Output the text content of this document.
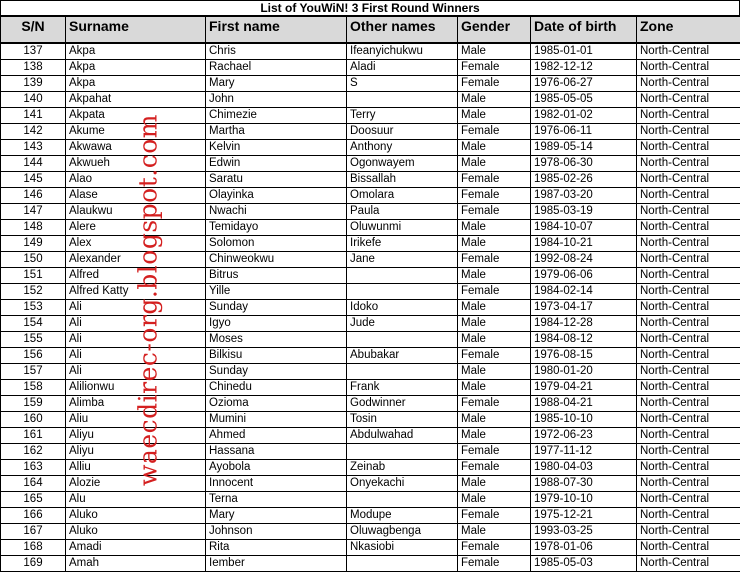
List of YouWiN! 3 First Round Winners
S/N	Surname	First name	Other names	Gender	Date of birth	Zone
137	Akpa	Chris	Ifeanyichukwu	Male	1985-01-01	North-Central
138	Akpa	Rachael	Aladi	Female	1982-12-12	North-Central
139	Akpa	Mary	S	Female	1976-06-27	North-Central
140	Akpahat	John		Male	1985-05-05	North-Central
141	Akpata	Chimezie	Terry	Male	1982-01-02	North-Central
142	Akume	Martha	Doosuur	Female	1976-06-11	North-Central
143	Akwawa	Kelvin	Anthony	Male	1989-05-14	North-Central
144	Akwueh	Edwin	Ogonwayem	Male	1978-06-30	North-Central
145	Alao	Saratu	Bissallah	Female	1985-02-26	North-Central
146	Alase	Olayinka	Omolara	Female	1987-03-20	North-Central
147	Alaukwu	Nwachi	Paula	Female	1985-03-19	North-Central
148	Alere	Temidayo	Oluwunmi	Male	1984-10-07	North-Central
149	Alex	Solomon	Irikefe	Male	1984-10-21	North-Central
150	Alexander	Chinweokwu	Jane	Female	1992-08-24	North-Central
151	Alfred	Bitrus		Male	1979-06-06	North-Central
152	Alfred Katty	Yille		Female	1984-02-14	North-Central
153	Ali	Sunday	Idoko	Male	1973-04-17	North-Central
154	Ali	Igyo	Jude	Male	1984-12-28	North-Central
155	Ali	Moses		Male	1984-08-12	North-Central
156	Ali	Bilkisu	Abubakar	Female	1976-08-15	North-Central
157	Ali	Sunday		Male	1980-01-20	North-Central
158	Alilionwu	Chinedu	Frank	Male	1979-04-21	North-Central
159	Alimba	Ozioma	Godwinner	Female	1988-04-21	North-Central
160	Aliu	Mumini	Tosin	Male	1985-10-10	North-Central
161	Aliyu	Ahmed	Abdulwahad	Male	1972-06-23	North-Central
162	Aliyu	Hassana		Female	1977-11-12	North-Central
163	Alliu	Ayobola	Zeinab	Female	1980-04-03	North-Central
164	Alozie	Innocent	Onyekachi	Male	1988-07-30	North-Central
165	Alu	Terna		Male	1979-10-10	North-Central
166	Aluko	Mary	Modupe	Female	1975-12-21	North-Central
167	Aluko	Johnson	Oluwagbenga	Male	1993-03-25	North-Central
168	Amadi	Rita	Nkasiobi	Female	1978-01-06	North-Central
169	Amah	Iember		Female	1985-05-03	North-Central
waecdirec-org.blogspot.com
